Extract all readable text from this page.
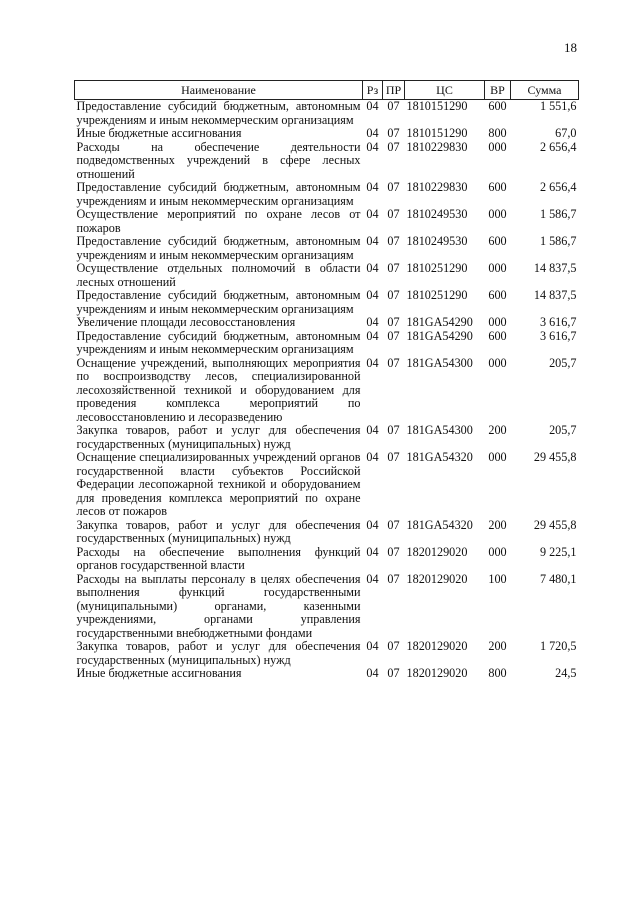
18
Наименование	Рз	ПР	ЦС	ВР	Сумма
Предоставление субсидий бюджетным, автономным учреждениям и иным некоммерческим организациям	04	07	1810151290	600	1 551,6
Иные бюджетные ассигнования	04	07	1810151290	800	67,0
Расходы на обеспечение деятельности подведомственных учреждений в сфере лесных отношений	04	07	1810229830	000	2 656,4
Предоставление субсидий бюджетным, автономным учреждениям и иным некоммерческим организациям	04	07	1810229830	600	2 656,4
Осуществление мероприятий по охране лесов от пожаров	04	07	1810249530	000	1 586,7
Предоставление субсидий бюджетным, автономным учреждениям и иным некоммерческим организациям	04	07	1810249530	600	1 586,7
Осуществление отдельных полномочий в области лесных отношений	04	07	1810251290	000	14 837,5
Предоставление субсидий бюджетным, автономным учреждениям и иным некоммерческим организациям	04	07	1810251290	600	14 837,5
Увеличение площади лесовосстановления	04	07	181GA54290	000	3 616,7
Предоставление субсидий бюджетным, автономным учреждениям и иным некоммерческим организациям	04	07	181GA54290	600	3 616,7
Оснащение учреждений, выполняющих мероприятия по воспроизводству лесов, специализированной лесохозяйственной техникой и оборудованием для проведения комплекса мероприятий по лесовосстановлению и лесоразведению	04	07	181GA54300	000	205,7
Закупка товаров, работ и услуг для обеспечения государственных (муниципальных) нужд	04	07	181GA54300	200	205,7
Оснащение специализированных учреждений органов государственной власти субъектов Российской Федерации лесопожарной техникой и оборудованием для проведения комплекса мероприятий по охране лесов от пожаров	04	07	181GA54320	000	29 455,8
Закупка товаров, работ и услуг для обеспечения государственных (муниципальных) нужд	04	07	181GA54320	200	29 455,8
Расходы на обеспечение выполнения функций органов государственной власти	04	07	1820129020	000	9 225,1
Расходы на выплаты персоналу в целях обеспечения выполнения функций государственными (муниципальными) органами, казенными учреждениями, органами управления государственными внебюджетными фондами	04	07	1820129020	100	7 480,1
Закупка товаров, работ и услуг для обеспечения государственных (муниципальных) нужд	04	07	1820129020	200	1 720,5
Иные бюджетные ассигнования	04	07	1820129020	800	24,5
